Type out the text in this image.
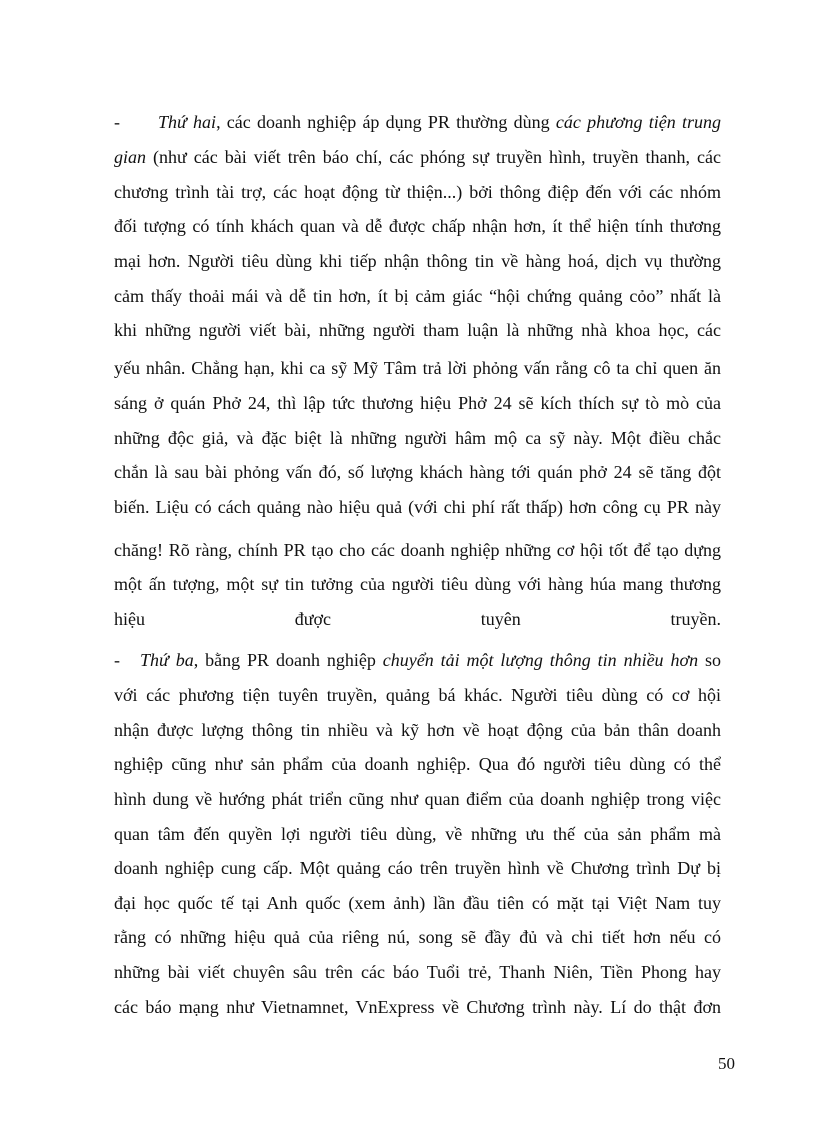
- Thứ hai, các doanh nghiệp áp dụng PR thường dùng các phương tiện trung
gian (như các bài viết trên báo chí, các phóng sự truyền hình, truyền thanh, các
chương trình tài trợ, các hoạt động từ thiện...) bởi thông điệp đến với các nhóm
đối tượng có tính khách quan và dễ được chấp nhận hơn, ít thể hiện tính thương
mại hơn. Người tiêu dùng khi tiếp nhận thông tin về hàng hoá, dịch vụ thường
cảm thấy thoải mái và dễ tin hơn, ít bị cảm giác “hội chứng quảng cỏo” nhất là
khi những người viết bài, những người tham luận là những nhà khoa học, các
yếu nhân. Chẳng hạn, khi ca sỹ Mỹ Tâm trả lời phỏng vấn rằng cô ta chỉ quen ăn
sáng ở quán Phở 24, thì lập tức thương hiệu Phở 24 sẽ kích thích sự tò mò của
những độc giả, và đặc biệt là những người hâm mộ ca sỹ này. Một điều chắc
chắn là sau bài phỏng vấn đó, số lượng khách hàng tới quán phở 24 sẽ tăng đột
biến. Liệu có cách quảng nào hiệu quả (với chi phí rất thấp) hơn công cụ PR này
chăng! Rõ ràng, chính PR tạo cho các doanh nghiệp những cơ hội tốt để tạo dựng
một ấn tượng, một sự tin tưởng của người tiêu dùng với hàng húa mang thương
hiệu được tuyên truyền.
- Thứ ba, bằng PR doanh nghiệp chuyển tải một lượng thông tin nhiều hơn so
với các phương tiện tuyên truyền, quảng bá khác. Người tiêu dùng có cơ hội
nhận được lượng thông tin nhiều và kỹ hơn về hoạt động của bản thân doanh
nghiệp cũng như sản phẩm của doanh nghiệp. Qua đó người tiêu dùng có thể
hình dung về hướng phát triển cũng như quan điểm của doanh nghiệp trong việc
quan tâm đến quyền lợi người tiêu dùng, về những ưu thế của sản phẩm mà
doanh nghiệp cung cấp. Một quảng cáo trên truyền hình về Chương trình Dự bị
đại học quốc tế tại Anh quốc (xem ảnh) lần đầu tiên có mặt tại Việt Nam tuy
rằng có những hiệu quả của riêng nú, song sẽ đầy đủ và chi tiết hơn nếu có
những bài viết chuyên sâu trên các báo Tuổi trẻ, Thanh Niên, Tiền Phong hay
các báo mạng như Vietnamnet, VnExpress về Chương trình này. Lí do thật đơn
50
